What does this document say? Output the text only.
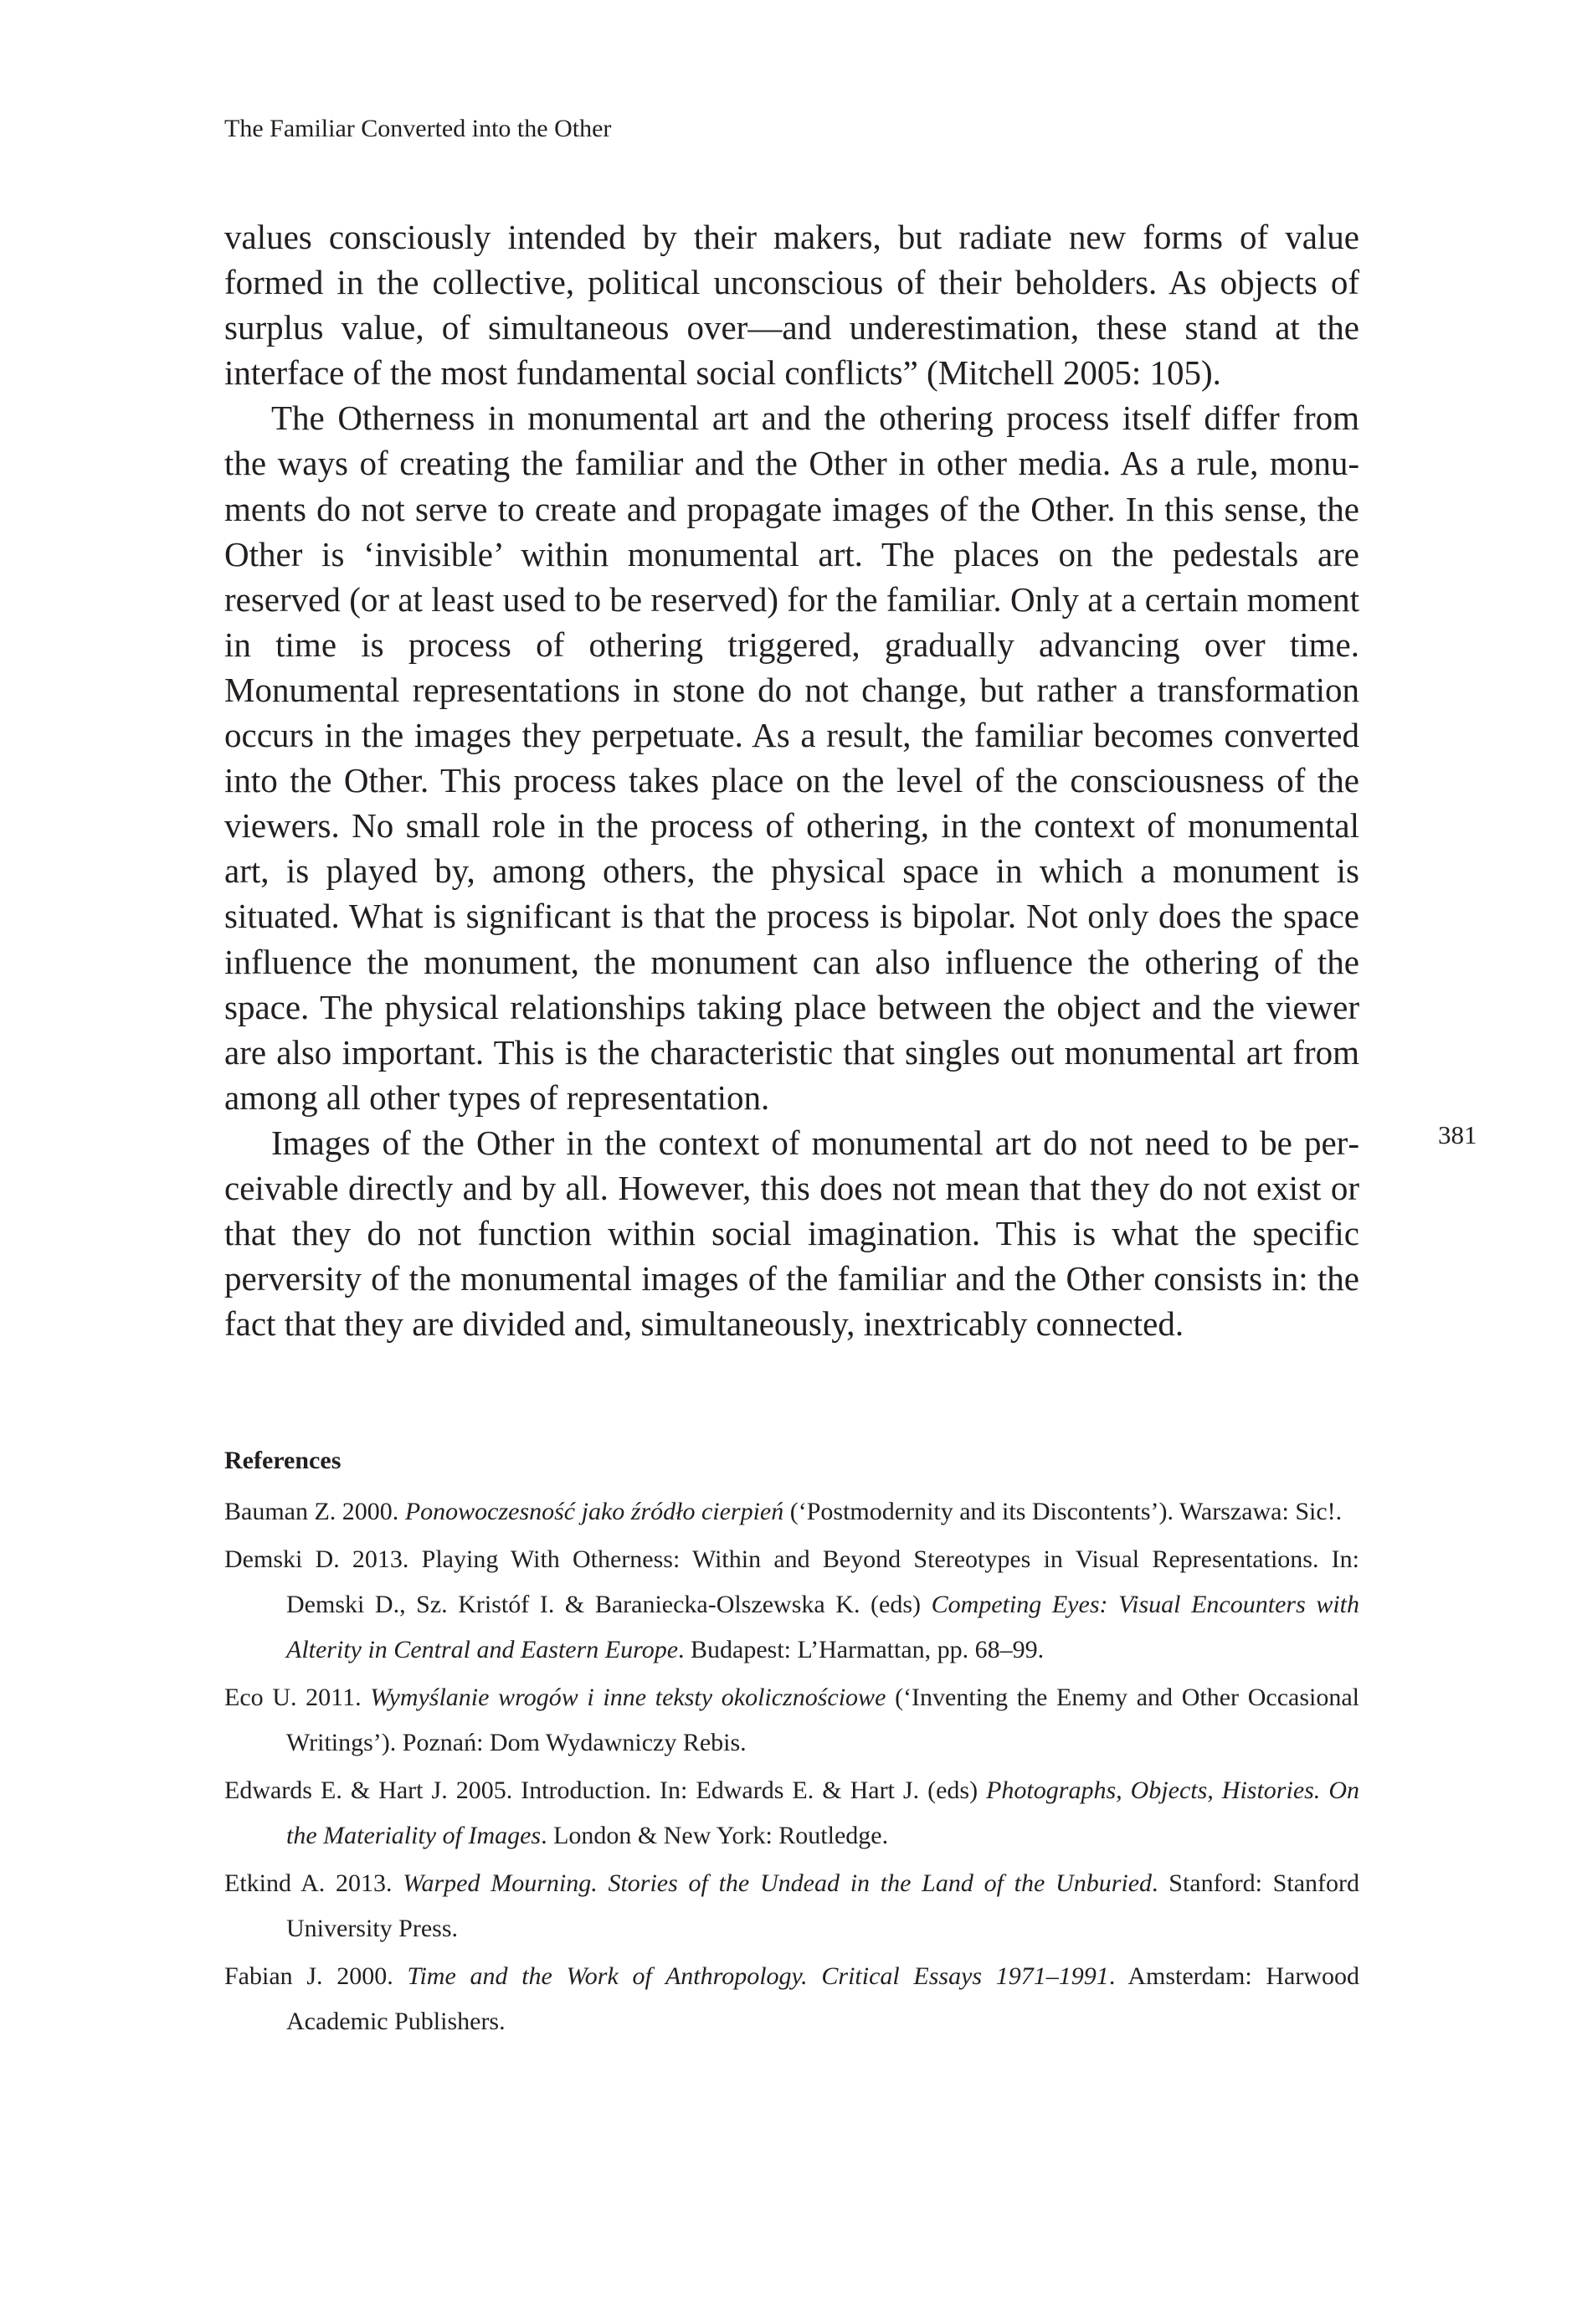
The Familiar Converted into the Other
381

values consciously intended by their makers, but radiate new forms of value formed in the collective, political unconscious of their beholders. As objects of surplus value, of simultaneous over—and underestimation, these stand at the interface of the most fundamental social conflicts” (Mitchell 2005: 105).

The Otherness in monumental art and the othering process itself differ from the ways of creating the familiar and the Other in other media. As a rule, monuments do not serve to create and propagate images of the Other. In this sense, the Other is ‘invisible’ within monumental art. The places on the pedestals are reserved (or at least used to be reserved) for the familiar. Only at a certain moment in time is process of othering triggered, gradually advancing over time. Monumental representations in stone do not change, but rather a transformation occurs in the images they perpetuate. As a result, the familiar becomes converted into the Other. This process takes place on the level of the consciousness of the viewers. No small role in the process of othering, in the context of monumental art, is played by, among others, the physical space in which a monument is situated. What is significant is that the process is bipolar. Not only does the space influence the monument, the monument can also influence the othering of the space. The physical relationships taking place between the object and the viewer are also important. This is the characteristic that singles out monumental art from among all other types of representation.

Images of the Other in the context of monumental art do not need to be perceivable directly and by all. However, this does not mean that they do not exist or that they do not function within social imagination. This is what the specific perversity of the monumental images of the familiar and the Other consists in: the fact that they are divided and, simultaneously, inextricably connected.

References
Bauman Z. 2000. Ponowoczesność jako źródło cierpień (‘Postmodernity and its Discontents’). Warszawa: Sic!.
Demski D. 2013. Playing With Otherness: Within and Beyond Stereotypes in Visual Representations. In: Demski D., Sz. Kristóf I. & Baraniecka-Olszewska K. (eds) Competing Eyes: Visual Encounters with Alterity in Central and Eastern Europe. Budapest: L’Harmattan, pp. 68–99.
Eco U. 2011. Wymyślanie wrogów i inne teksty okolicznościowe (‘Inventing the Enemy and Other Occasional Writings’). Poznań: Dom Wydawniczy Rebis.
Edwards E. & Hart J. 2005. Introduction. In: Edwards E. & Hart J. (eds) Photographs, Objects, Histories. On the Materiality of Images. London & New York: Routledge.
Etkind A. 2013. Warped Mourning. Stories of the Undead in the Land of the Unburied. Stanford: Stanford University Press.
Fabian J. 2000. Time and the Work of Anthropology. Critical Essays 1971–1991. Amsterdam: Harwood Academic Publishers.
